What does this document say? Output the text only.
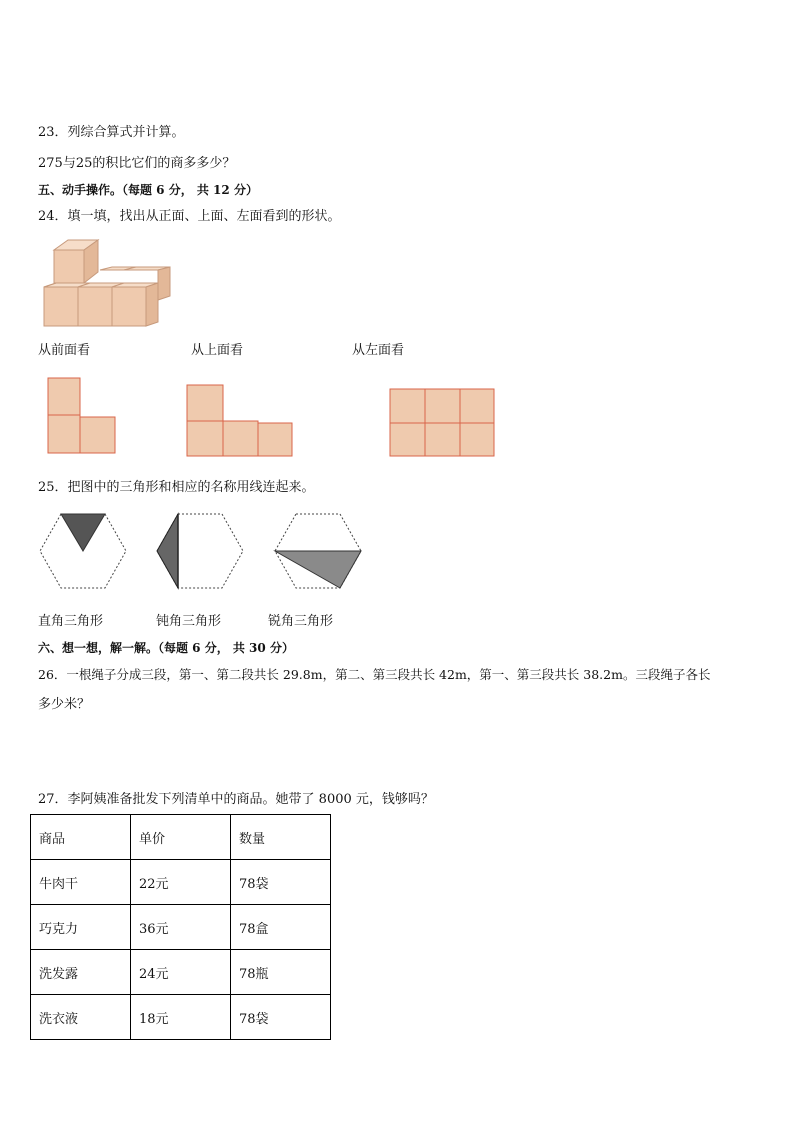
23．列综合算式并计算。
275与25的积比它们的商多多少？
五、动手操作。（每题 6 分， 共 12 分）
24．填一填，找出从正面、上面、左面看到的形状。
从前面看	从上面看	从左面看
25．把图中的三角形和相应的名称用线连起来。
直角三角形	钝角三角形	锐角三角形
六、想一想，解一解。（每题 6 分， 共 30 分）
26．一根绳子分成三段，第一、第二段共长 29.8m，第二、第三段共长 42m，第一、第三段共长 38.2m。三段绳子各长
多少米？
27．李阿姨准备批发下列清单中的商品。她带了 8000 元，钱够吗？
商品	单价	数量
牛肉干	22元	78袋
巧克力	36元	78盒
洗发露	24元	78瓶
洗衣液	18元	78袋
